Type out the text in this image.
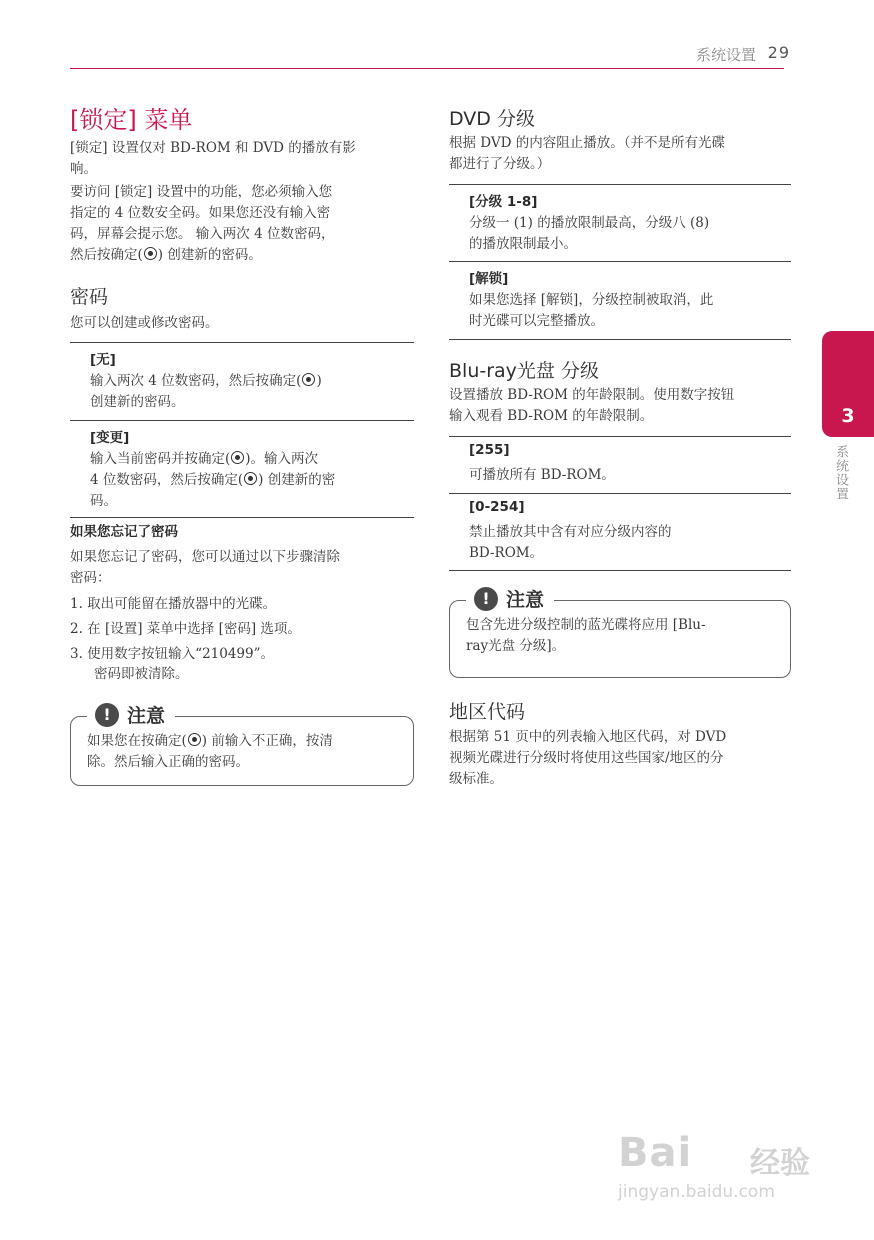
系统设置 29
3
系统设置
[锁定] 菜单

[锁定] 设置仅对 BD-ROM 和 DVD 的播放有影
响。

要访问 [锁定] 设置中的功能，您必须输入您
指定的 4 位数安全码。如果您还没有输入密
码，屏幕会提示您。 输入两次 4 位数密码，
然后按确定( ) 创建新的密码。

密码

您可以创建或修改密码。

[无]
输入两次 4 位数密码，然后按确定( )
创建新的密码。
[变更]
输入当前密码并按确定( )。输入两次
4 位数密码，然后按确定( ) 创建新的密
码。
如果您忘记了密码

如果您忘记了密码，您可以通过以下步骤清除
密码：

1. 取出可能留在播放器中的光碟。
2. 在 [设置] 菜单中选择 [密码] 选项。
3. 使用数字按钮输入“210499”。
密码即被清除。
! 注意
如果您在按确定( ) 前输入不正确，按清
除。然后输入正确的密码。
DVD 分级

根据 DVD 的内容阻止播放。（并不是所有光碟
都进行了分级。）

[分级 1-8]
分级一 (1) 的播放限制最高，分级八 (8)
的播放限制最小。
[解锁]
如果您选择 [解锁]，分级控制被取消，此
时光碟可以完整播放。
Blu-ray光盘 分级

设置播放 BD-ROM 的年龄限制。使用数字按钮
输入观看 BD-ROM 的年龄限制。

[255]
可播放所有 BD-ROM。
[0-254]
禁止播放其中含有对应分级内容的
BD-ROM。
! 注意
包含先进分级控制的蓝光碟将应用 [Blu-
ray光盘 分级]。
地区代码

根据第 51 页中的列表输入地区代码，对 DVD
视频光碟进行分级时将使用这些国家/地区的分
级标准。

Bai 经验
jingyan.baidu.com
